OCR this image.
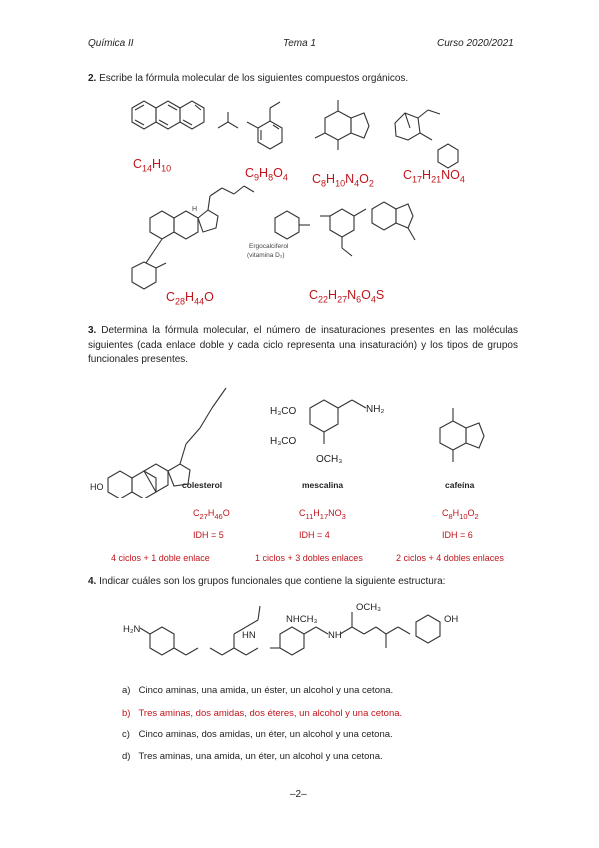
Química II	Tema 1	Curso 2020/2021
2. Escribe la fórmula molecular de los siguientes compuestos orgánicos.
H
Ergocalciferol
(vitamina D₂)
$C_{14}H_{10}$	$C_9H_8O_4$ $C_8H_{10}N_4O_2$
$C_{17}H_{21}NO_4$
$C_{28}H_{44}O$	$C_{22}H_{27}N_6O_4S$
3. Determina la fórmula molecular, el número de insaturaciones presentes en las moléculas siguientes (cada enlace doble y cada ciclo representa una insaturación) y los tipos de grupos funcionales presentes.
H₃CO
H₃CO
OCH₃
NH₂
HO	colesterol	mescalina	cafeína
$C_{27}H_{46}O$	$C_{11}H_{17}NO_3$	$C_8H_{10}O_2$
IDH = 5	IDH = 4	IDH = 6
4 ciclos + 1 doble enlace	1 ciclos + 3 dobles enlaces	2 ciclos + 4 dobles enlaces
4. Indicar cuáles son los grupos funcionales que contiene la siguiente estructura:
H₂N
HN
NHCH₃	OH
OCH₃
NH
a) Cinco aminas, una amida, un éster, un alcohol y una cetona.
b) Tres aminas, dos amidas, dos éteres, un alcohol y una cetona.
c) Cinco aminas, dos amidas, un éter, un alcohol y una cetona.
d) Tres aminas, una amida, un éter, un alcohol y una cetona.
–2–
